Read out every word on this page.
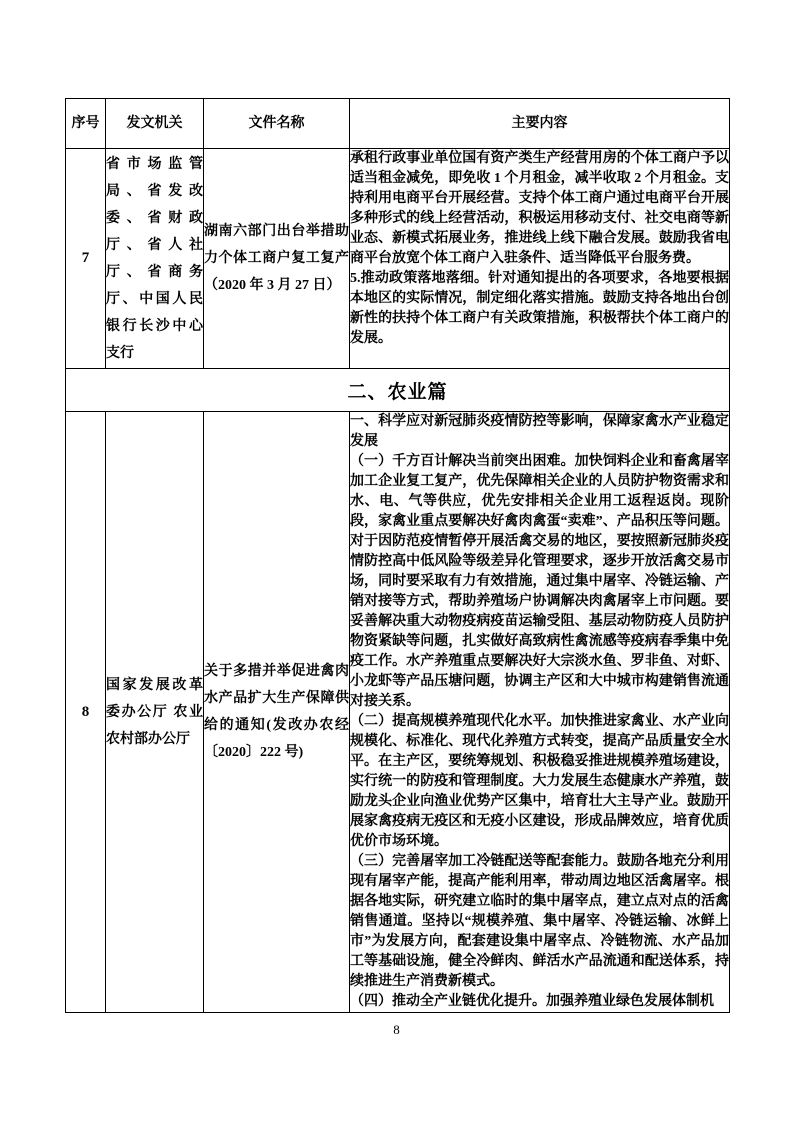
序号	发文机关	文件名称	主要内容
7	省市场监管局、省发改委、省财政厅、省人社厅、省商务厅、中国人民银行长沙中心支行	湖南六部门出台举措助力个体工商户复工复产（2020 年 3 月 27 日）	承租行政事业单位国有资产类生产经营用房的个体工商户予以适当租金减免，即免收 1 个月租金，减半收取 2 个月租金。支持利用电商平台开展经营。支持个体工商户通过电商平台开展多种形式的线上经营活动，积极运用移动支付、社交电商等新业态、新模式拓展业务，推进线上线下融合发展。鼓励我省电商平台放宽个体工商户入驻条件、适当降低平台服务费。

5.推动政策落地落细。针对通知提出的各项要求，各地要根据本地区的实际情况，制定细化落实措施。鼓励支持各地出台创新性的扶持个体工商户有关政策措施，积极帮扶个体工商户的发展。

二、农业篇			
8	国家发展改革委办公厅 农业农村部办公厅	关于多措并举促进禽肉水产品扩大生产保障供给的通知(发改办农经〔2020〕222 号)	一、科学应对新冠肺炎疫情防控等影响，保障家禽水产业稳定发展

（一）千方百计解决当前突出困难。加快饲料企业和畜禽屠宰加工企业复工复产，优先保障相关企业的人员防护物资需求和水、电、气等供应，优先安排相关企业用工返程返岗。现阶段，家禽业重点要解决好禽肉禽蛋“卖难”、产品积压等问题。对于因防范疫情暂停开展活禽交易的地区，要按照新冠肺炎疫情防控高中低风险等级差异化管理要求，逐步开放活禽交易市场，同时要采取有力有效措施，通过集中屠宰、冷链运输、产销对接等方式，帮助养殖场户协调解决肉禽屠宰上市问题。要妥善解决重大动物疫病疫苗运输受阻、基层动物防疫人员防护物资紧缺等问题，扎实做好高致病性禽流感等疫病春季集中免疫工作。水产养殖重点要解决好大宗淡水鱼、罗非鱼、对虾、小龙虾等产品压塘问题，协调主产区和大中城市构建销售流通对接关系。

（二）提高规模养殖现代化水平。加快推进家禽业、水产业向规模化、标准化、现代化养殖方式转变，提高产品质量安全水平。在主产区，要统筹规划、积极稳妥推进规模养殖场建设，实行统一的防疫和管理制度。大力发展生态健康水产养殖，鼓励龙头企业向渔业优势产区集中，培育壮大主导产业。鼓励开展家禽疫病无疫区和无疫小区建设，形成品牌效应，培育优质优价市场环境。

（三）完善屠宰加工冷链配送等配套能力。鼓励各地充分利用现有屠宰产能，提高产能利用率，带动周边地区活禽屠宰。根据各地实际，研究建立临时的集中屠宰点，建立点对点的活禽销售通道。坚持以“规模养殖、集中屠宰、冷链运输、冰鲜上市”为发展方向，配套建设集中屠宰点、冷链物流、水产品加工等基础设施，健全冷鲜肉、鲜活水产品流通和配送体系，持续推进生产消费新模式。

（四）推动全产业链优化提升。加强养殖业绿色发展体制机

8
